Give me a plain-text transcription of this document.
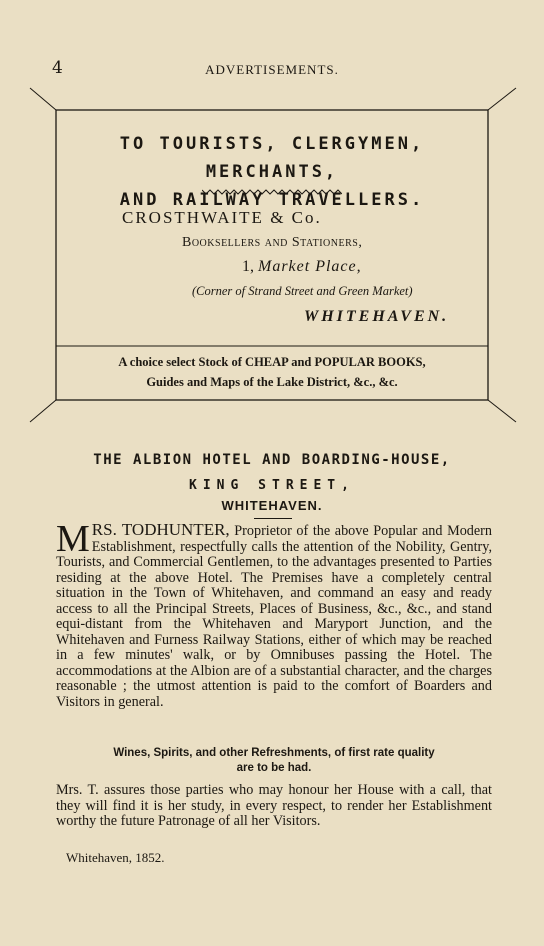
4	ADVERTISEMENTS.
TO TOURISTS, CLERGYMEN, MERCHANTS,
AND RAILWAY TRAVELLERS.
CROSTHWAITE & Co.
Booksellers and Stationers,
1, Market Place,
(Corner of Strand Street and Green Market)
WHITEHAVEN.
A choice select Stock of CHEAP and POPULAR BOOKS,
Guides and Maps of the Lake District, &c., &c.
THE ALBION HOTEL AND BOARDING-HOUSE,
KING STREET,
WHITEHAVEN.
MRS. TODHUNTER, Proprietor of the above Popular and Modern Establishment, respectfully calls the attention of the Nobility, Gentry, Tourists, and Commercial Gentlemen, to the advantages presented to Parties residing at the above Hotel. The Premises have a completely central situation in the Town of Whitehaven, and command an easy and ready access to all the Principal Streets, Places of Business, &c., &c., and stand equi-distant from the Whitehaven and Maryport Junction, and the Whitehaven and Furness Railway Stations, either of which may be reached in a few minutes' walk, or by Omnibuses passing the Hotel. The accommodations at the Albion are of a substantial character, and the charges reasonable ; the utmost attention is paid to the comfort of Boarders and Visitors in general.
Wines, Spirits, and other Refreshments, of first rate quality
are to be had.
Mrs. T. assures those parties who may honour her House with a call, that they will find it is her study, in every respect, to render her Establishment worthy the future Patronage of all her Visitors.
Whitehaven, 1852.
